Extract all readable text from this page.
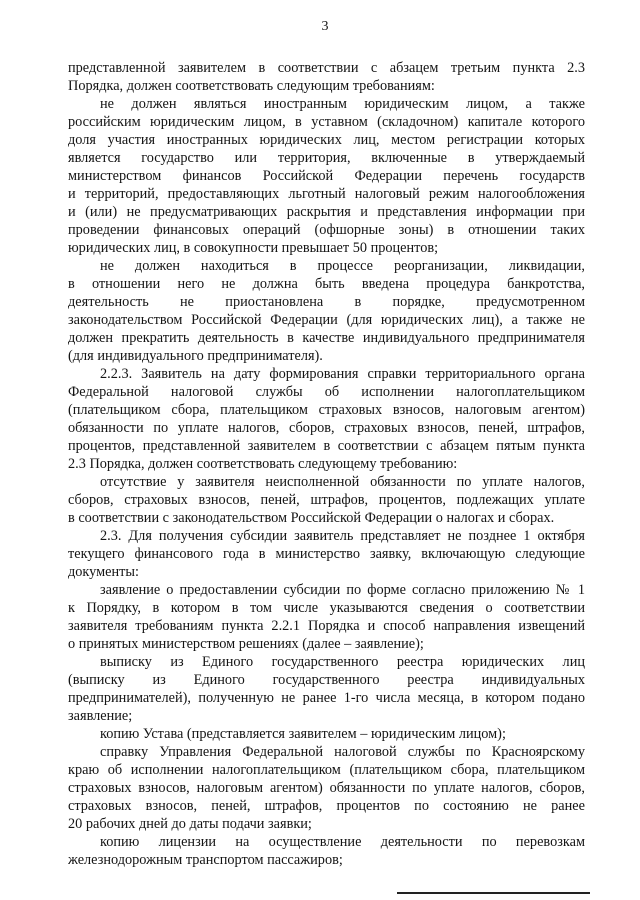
3
представленной заявителем в соответствии с абзацем третьим пункта 2.3
Порядка, должен соответствовать следующим требованиям:
не должен являться иностранным юридическим лицом, а также
российским юридическим лицом, в уставном (складочном) капитале которого
доля участия иностранных юридических лиц, местом регистрации которых
является государство или территория, включенные в утверждаемый
министерством финансов Российской Федерации перечень государств
и территорий, предоставляющих льготный налоговый режим налогообложения
и (или) не предусматривающих раскрытия и представления информации при
проведении финансовых операций (офшорные зоны) в отношении таких
юридических лиц, в совокупности превышает 50 процентов;
не должен находиться в процессе реорганизации, ликвидации,
в отношении него не должна быть введена процедура банкротства,
деятельность не приостановлена в порядке, предусмотренном
законодательством Российской Федерации (для юридических лиц), а также не
должен прекратить деятельность в качестве индивидуального предпринимателя
(для индивидуального предпринимателя).
2.2.3. Заявитель на дату формирования справки территориального органа
Федеральной налоговой службы об исполнении налогоплательщиком
(плательщиком сбора, плательщиком страховых взносов, налоговым агентом)
обязанности по уплате налогов, сборов, страховых взносов, пеней, штрафов,
процентов, представленной заявителем в соответствии с абзацем пятым пункта
2.3 Порядка, должен соответствовать следующему требованию:
отсутствие у заявителя неисполненной обязанности по уплате налогов,
сборов, страховых взносов, пеней, штрафов, процентов, подлежащих уплате
в соответствии с законодательством Российской Федерации о налогах и сборах.
2.3. Для получения субсидии заявитель представляет не позднее 1 октября
текущего финансового года в министерство заявку, включающую следующие
документы:
заявление о предоставлении субсидии по форме согласно приложению № 1
к Порядку, в котором в том числе указываются сведения о соответствии
заявителя требованиям пункта 2.2.1 Порядка и способ направления извещений
о принятых министерством решениях (далее – заявление);
выписку из Единого государственного реестра юридических лиц
(выписку из Единого государственного реестра индивидуальных
предпринимателей), полученную не ранее 1-го числа месяца, в котором подано
заявление;
копию Устава (представляется заявителем – юридическим лицом);
справку Управления Федеральной налоговой службы по Красноярскому
краю об исполнении налогоплательщиком (плательщиком сбора, плательщиком
страховых взносов, налоговым агентом) обязанности по уплате налогов, сборов,
страховых взносов, пеней, штрафов, процентов по состоянию не ранее
20 рабочих дней до даты подачи заявки;
копию лицензии на осуществление деятельности по перевозкам
железнодорожным транспортом пассажиров;
